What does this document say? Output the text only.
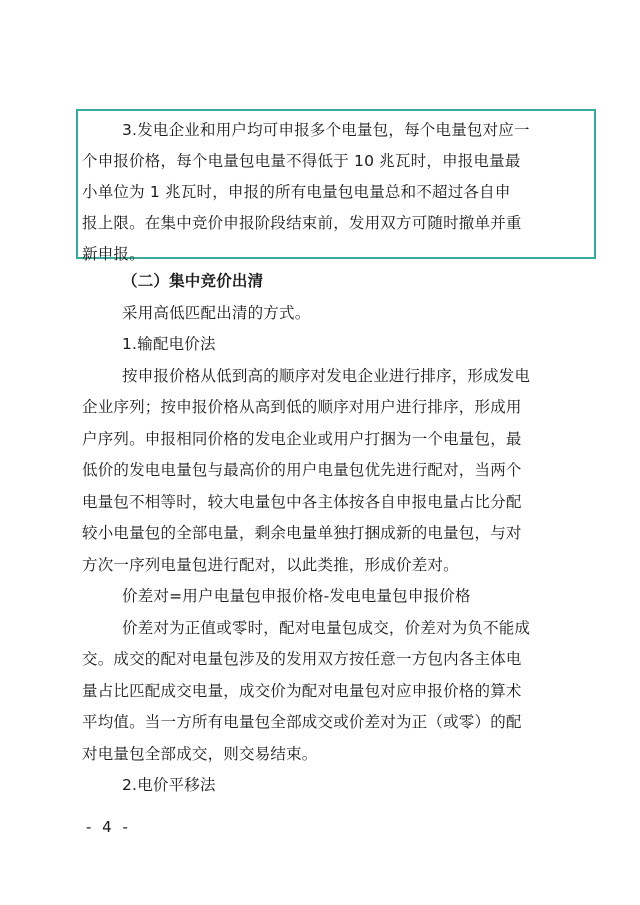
3.发电企业和用户均可申报多个电量包，每个电量包对应一
个申报价格，每个电量包电量不得低于 10 兆瓦时，申报电量最
小单位为 1 兆瓦时，申报的所有电量包电量总和不超过各自申
报上限。在集中竞价申报阶段结束前，发用双方可随时撤单并重
新申报。
（二）集中竞价出清
采用高低匹配出清的方式。
1.输配电价法
按申报价格从低到高的顺序对发电企业进行排序，形成发电
企业序列；按申报价格从高到低的顺序对用户进行排序，形成用
户序列。申报相同价格的发电企业或用户打捆为一个电量包，最
低价的发电电量包与最高价的用户电量包优先进行配对，当两个
电量包不相等时，较大电量包中各主体按各自申报电量占比分配
较小电量包的全部电量，剩余电量单独打捆成新的电量包，与对
方次一序列电量包进行配对，以此类推，形成价差对。
价差对=用户电量包申报价格-发电电量包申报价格
价差对为正值或零时，配对电量包成交，价差对为负不能成
交。成交的配对电量包涉及的发用双方按任意一方包内各主体电
量占比匹配成交电量，成交价为配对电量包对应申报价格的算术
平均值。当一方所有电量包全部成交或价差对为正（或零）的配
对电量包全部成交，则交易结束。
2.电价平移法
- 4 -
